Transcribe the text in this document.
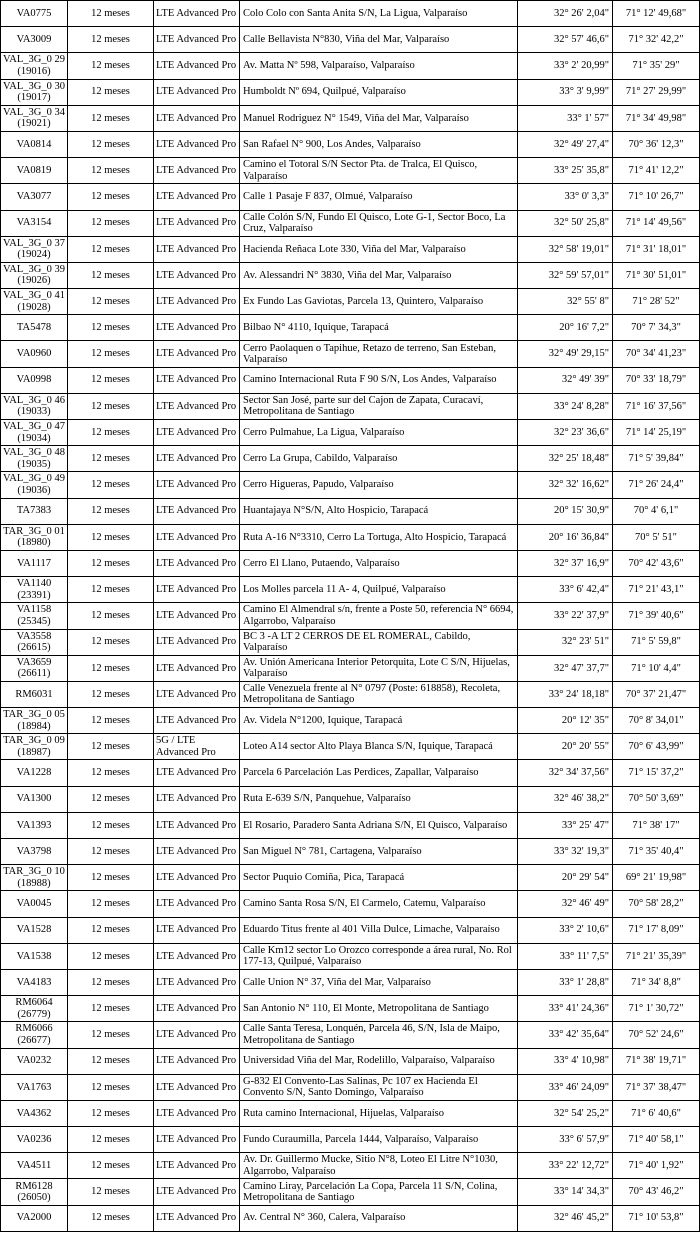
VA0775	12 meses	LTE Advanced Pro	Colo Colo con Santa Anita S/N, La Ligua, Valparaíso	32° 26' 2,04"	71° 12' 49,68"
VA3009	12 meses	LTE Advanced Pro	Calle Bellavista N°830, Viña del Mar, Valparaíso	32° 57' 46,6"	71° 32' 42,2"
VAL_3G_0 29 (19016)	12 meses	LTE Advanced Pro	Av. Matta Nº 598, Valparaíso, Valparaíso	33° 2' 20,99"	71° 35' 29"
VAL_3G_0 30 (19017)	12 meses	LTE Advanced Pro	Humboldt Nº 694, Quilpué, Valparaíso	33° 3' 9,99"	71° 27' 29,99"
VAL_3G_0 34 (19021)	12 meses	LTE Advanced Pro	Manuel Rodriguez N° 1549, Viña del Mar, Valparaíso	33° 1' 57"	71° 34' 49,98"
VA0814	12 meses	LTE Advanced Pro	San Rafael N° 900, Los Andes, Valparaíso	32° 49' 27,4"	70° 36' 12,3"
VA0819	12 meses	LTE Advanced Pro	Camino el Totoral S/N Sector Pta. de Tralca, El Quisco, Valparaíso	33° 25' 35,8"	71° 41' 12,2"
VA3077	12 meses	LTE Advanced Pro	Calle 1 Pasaje F 837, Olmué, Valparaíso	33° 0' 3,3"	71° 10' 26,7"
VA3154	12 meses	LTE Advanced Pro	Calle Colón S/N, Fundo El Quisco, Lote G-1, Sector Boco, La Cruz, Valparaíso	32° 50' 25,8"	71° 14' 49,56"
VAL_3G_0 37 (19024)	12 meses	LTE Advanced Pro	Hacienda Reñaca Lote 330, Viña del Mar, Valparaíso	32° 58' 19,01"	71° 31' 18,01"
VAL_3G_0 39 (19026)	12 meses	LTE Advanced Pro	Av. Alessandri N° 3830, Viña del Mar, Valparaíso	32° 59' 57,01"	71° 30' 51,01"
VAL_3G_0 41 (19028)	12 meses	LTE Advanced Pro	Ex Fundo Las Gaviotas, Parcela 13, Quintero, Valparaíso	32° 55' 8"	71° 28' 52"
TA5478	12 meses	LTE Advanced Pro	Bilbao N° 4110, Iquique, Tarapacá	20° 16' 7,2"	70° 7' 34,3"
VA0960	12 meses	LTE Advanced Pro	Cerro Paolaquen o Tapihue, Retazo de terreno, San Esteban, Valparaíso	32° 49' 29,15"	70° 34' 41,23"
VA0998	12 meses	LTE Advanced Pro	Camino Internacional Ruta F 90 S/N, Los Andes, Valparaíso	32° 49' 39"	70° 33' 18,79"
VAL_3G_0 46 (19033)	12 meses	LTE Advanced Pro	Sector San José, parte sur del Cajon de Zapata, Curacaví, Metropolitana de Santiago	33° 24' 8,28"	71° 16' 37,56"
VAL_3G_0 47 (19034)	12 meses	LTE Advanced Pro	Cerro Pulmahue, La Ligua, Valparaíso	32° 23' 36,6"	71° 14' 25,19"
VAL_3G_0 48 (19035)	12 meses	LTE Advanced Pro	Cerro La Grupa, Cabildo, Valparaíso	32° 25' 18,48"	71° 5' 39,84"
VAL_3G_0 49 (19036)	12 meses	LTE Advanced Pro	Cerro Higueras, Papudo, Valparaíso	32° 32' 16,62"	71° 26' 24,4"
TA7383	12 meses	LTE Advanced Pro	Huantajaya N°S/N, Alto Hospicio, Tarapacá	20° 15' 30,9"	70° 4' 6,1"
TAR_3G_0 01 (18980)	12 meses	LTE Advanced Pro	Ruta A-16 N°3310, Cerro La Tortuga, Alto Hospicio, Tarapacá	20° 16' 36,84"	70° 5' 51"
VA1117	12 meses	LTE Advanced Pro	Cerro El Llano, Putaendo, Valparaíso	32° 37' 16,9"	70° 42' 43,6"
VA1140 (23391)	12 meses	LTE Advanced Pro	Los Molles parcela 11 A- 4, Quilpué, Valparaíso	33° 6' 42,4"	71° 21' 43,1"
VA1158 (25345)	12 meses	LTE Advanced Pro	Camino El Almendral s/n, frente a Poste 50, referencia N° 6694, Algarrobo, Valparaíso	33° 22' 37,9"	71° 39' 40,6"
VA3558 (26615)	12 meses	LTE Advanced Pro	BC 3 -A LT 2 CERROS DE EL ROMERAL, Cabildo, Valparaíso	32° 23' 51"	71° 5' 59,8"
VA3659 (26611)	12 meses	LTE Advanced Pro	Av. Unión Americana Interior Petorquita, Lote C S/N, Hijuelas, Valparaíso	32° 47' 37,7"	71° 10' 4,4"
RM6031	12 meses	LTE Advanced Pro	Calle Venezuela frente al N° 0797 (Poste: 618858), Recoleta, Metropolitana de Santiago	33° 24' 18,18"	70° 37' 21,47"
TAR_3G_0 05 (18984)	12 meses	LTE Advanced Pro	Av. Videla N°1200, Iquique, Tarapacá	20° 12' 35"	70° 8' 34,01"
TAR_3G_0 09 (18987)	12 meses	5G / LTE Advanced Pro	Loteo A14 sector Alto Playa Blanca S/N, Iquique, Tarapacá	20° 20' 55"	70° 6' 43,99"
VA1228	12 meses	LTE Advanced Pro	Parcela 6 Parcelación Las Perdices, Zapallar, Valparaíso	32° 34' 37,56"	71° 15' 37,2"
VA1300	12 meses	LTE Advanced Pro	Ruta E-639 S/N, Panquehue, Valparaíso	32° 46' 38,2"	70° 50' 3,69"
VA1393	12 meses	LTE Advanced Pro	El Rosario, Paradero Santa Adriana S/N, El Quisco, Valparaíso	33° 25' 47"	71° 38' 17"
VA3798	12 meses	LTE Advanced Pro	San Miguel N° 781, Cartagena, Valparaíso	33° 32' 19,3"	71° 35' 40,4"
TAR_3G_0 10 (18988)	12 meses	LTE Advanced Pro	Sector Puquio Comiña, Pica, Tarapacá	20° 29' 54"	69° 21' 19,98"
VA0045	12 meses	LTE Advanced Pro	Camino Santa Rosa S/N, El Carmelo, Catemu, Valparaíso	32° 46' 49"	70° 58' 28,2"
VA1528	12 meses	LTE Advanced Pro	Eduardo Titus frente al 401 Villa Dulce, Limache, Valparaíso	33° 2' 10,6"	71° 17' 8,09"
VA1538	12 meses	LTE Advanced Pro	Calle Km12 sector Lo Orozco corresponde a área rural, No. Rol 177-13, Quilpué, Valparaíso	33° 11' 7,5"	71° 21' 35,39"
VA4183	12 meses	LTE Advanced Pro	Calle Union N° 37, Viña del Mar, Valparaíso	33° 1' 28,8"	71° 34' 8,8"
RM6064 (26779)	12 meses	LTE Advanced Pro	San Antonio N° 110, El Monte, Metropolitana de Santiago	33° 41' 24,36"	71° 1' 30,72"
RM6066 (26677)	12 meses	LTE Advanced Pro	Calle Santa Teresa, Lonquén, Parcela 46, S/N, Isla de Maipo, Metropolitana de Santiago	33° 42' 35,64"	70° 52' 24,6"
VA0232	12 meses	LTE Advanced Pro	Universidad Viña del Mar, Rodelillo, Valparaíso, Valparaíso	33° 4' 10,98"	71° 38' 19,71"
VA1763	12 meses	LTE Advanced Pro	G-832 El Convento-Las Salinas, Pc 107 ex Hacienda El Convento S/N, Santo Domingo, Valparaíso	33° 46' 24,09"	71° 37' 38,47"
VA4362	12 meses	LTE Advanced Pro	Ruta camino Internacional, Hijuelas, Valparaíso	32° 54' 25,2"	71° 6' 40,6"
VA0236	12 meses	LTE Advanced Pro	Fundo Curaumilla, Parcela 1444, Valparaíso, Valparaíso	33° 6' 57,9"	71° 40' 58,1"
VA4511	12 meses	LTE Advanced Pro	Av. Dr. Guillermo Mucke, Sitio N°8, Loteo El Litre N°1030, Algarrobo, Valparaíso	33° 22' 12,72"	71° 40' 1,92"
RM6128 (26050)	12 meses	LTE Advanced Pro	Camino Liray, Parcelación La Copa, Parcela 11 S/N, Colina, Metropolitana de Santiago	33° 14' 34,3"	70° 43' 46,2"
VA2000	12 meses	LTE Advanced Pro	Av. Central N° 360, Calera, Valparaíso	32° 46' 45,2"	71° 10' 53,8"
